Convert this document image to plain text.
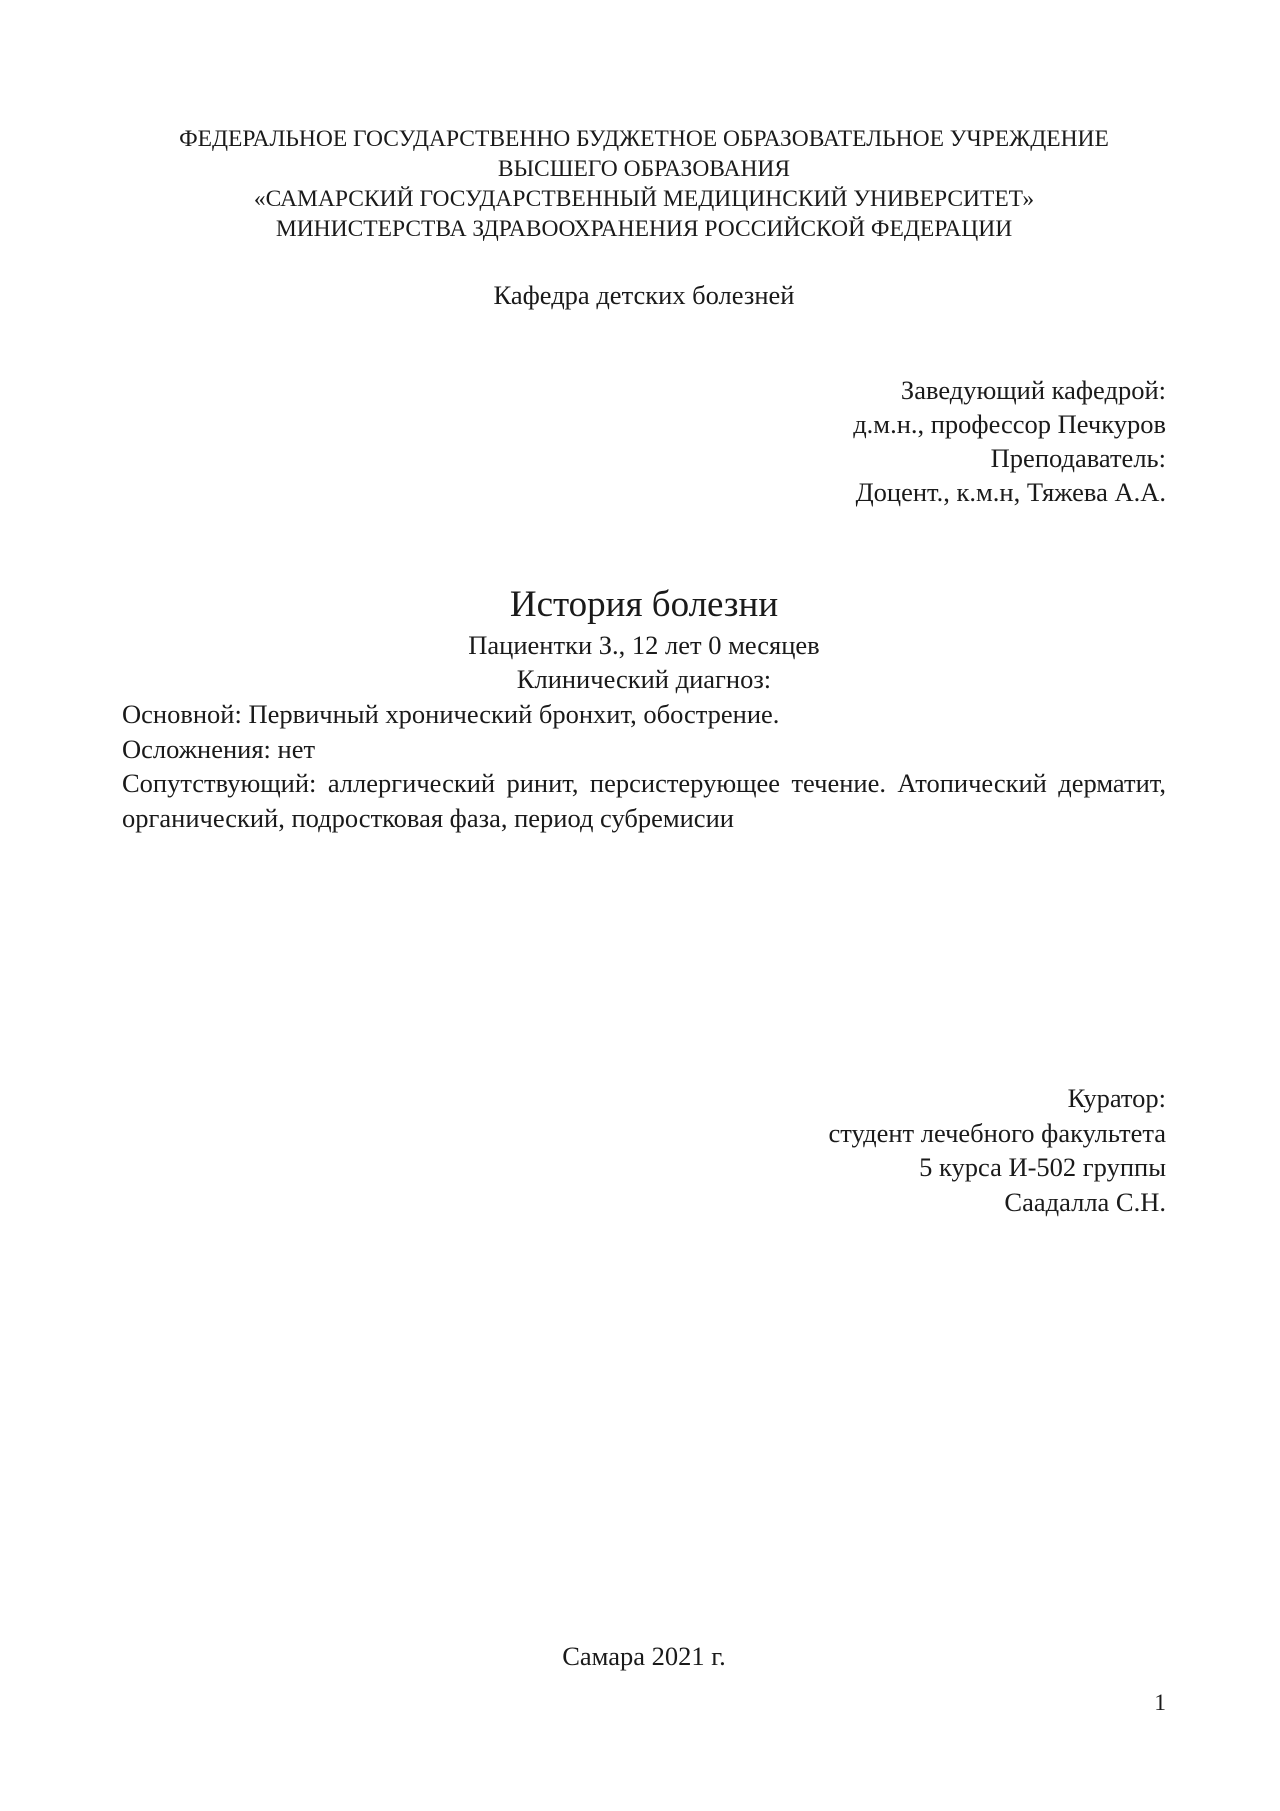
ФЕДЕРАЛЬНОЕ ГОСУДАРСТВЕННО БУДЖЕТНОЕ ОБРАЗОВАТЕЛЬНОЕ УЧРЕЖДЕНИЕ
ВЫСШЕГО ОБРАЗОВАНИЯ
«САМАРСКИЙ ГОСУДАРСТВЕННЫЙ МЕДИЦИНСКИЙ УНИВЕРСИТЕТ»
МИНИСТЕРСТВА ЗДРАВООХРАНЕНИЯ РОССИЙСКОЙ ФЕДЕРАЦИИ
Кафедра детских болезней
Заведующий кафедрой:
д.м.н., профессор Печкуров
Преподаватель:
Доцент., к.м.н, Тяжева А.А.
История болезни
Пациентки З., 12 лет 0 месяцев
Клинический диагноз:
Основной: Первичный хронический бронхит, обострение.
Осложнения: нет
Сопутствующий: аллергический ринит, персистерующее течение. Атопический дерматит, органический, подростковая фаза, период субремисии
Куратор:
студент лечебного факультета
5 курса И-502 группы
Саадалла С.Н.
Самара 2021 г.
1
